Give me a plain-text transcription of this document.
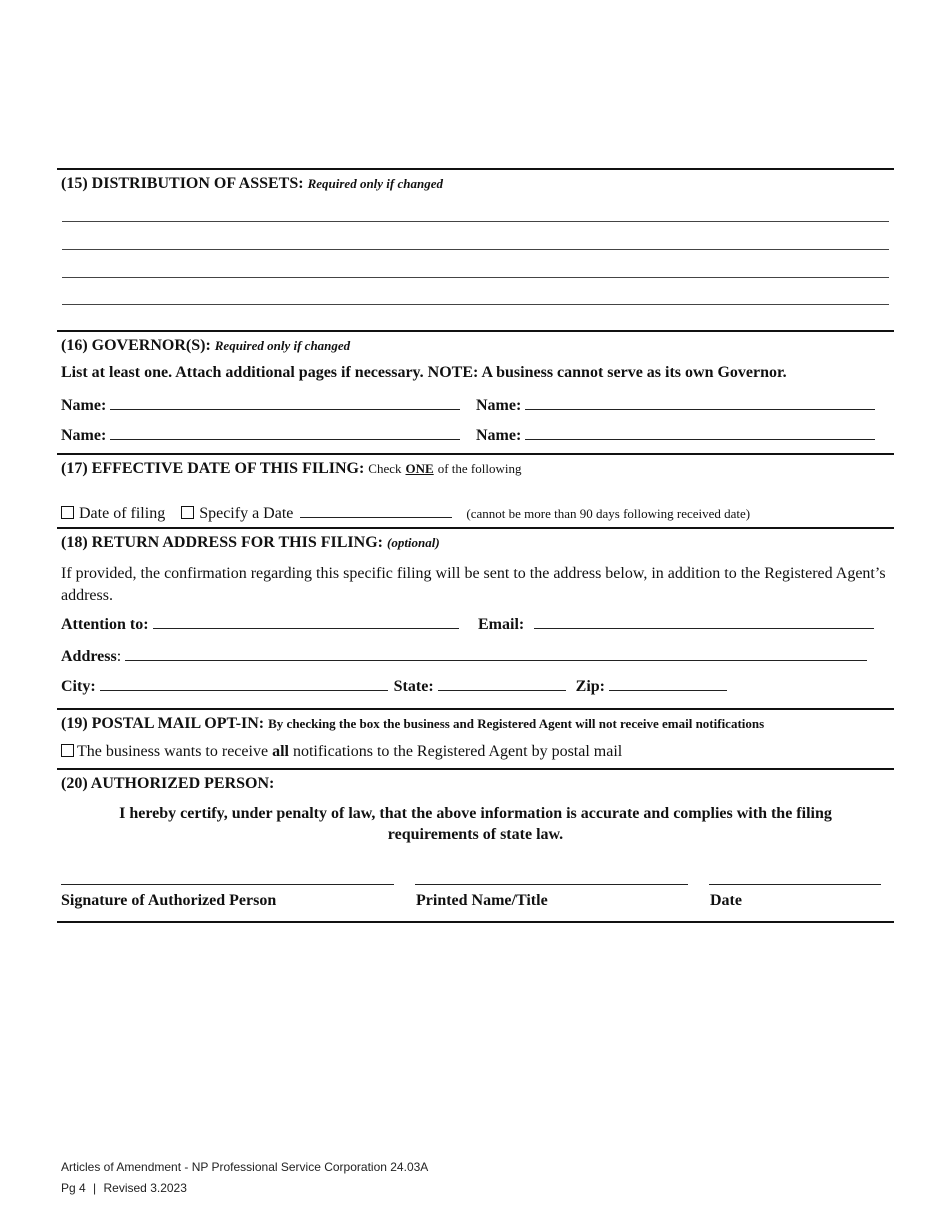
(15) DISTRIBUTION OF ASSETS: Required only if changed
(16) GOVERNOR(S): Required only if changed
List at least one. Attach additional pages if necessary. NOTE: A business cannot serve as its own Governor.
Name:	Name:
Name:	Name:
(17) EFFECTIVE DATE OF THIS FILING: Check ONE of the following
Date of filing Specify a Date	(cannot be more than 90 days following received date)
(18) RETURN ADDRESS FOR THIS FILING: (optional)
If provided, the confirmation regarding this specific filing will be sent to the address below, in addition to the Registered Agent’s address.
Attention to:	Email:
Address:
City:	State:	Zip:
(19) POSTAL MAIL OPT-IN: By checking the box the business and Registered Agent will not receive email notifications
The business wants to receive all notifications to the Registered Agent by postal mail
(20) AUTHORIZED PERSON:
I hereby certify, under penalty of law, that the above information is accurate and complies with the filing requirements of state law.
Signature of Authorized Person	Printed Name/Title	Date
Articles of Amendment - NP Professional Service Corporation 24.03A
Pg 4 | Revised 3.2023
